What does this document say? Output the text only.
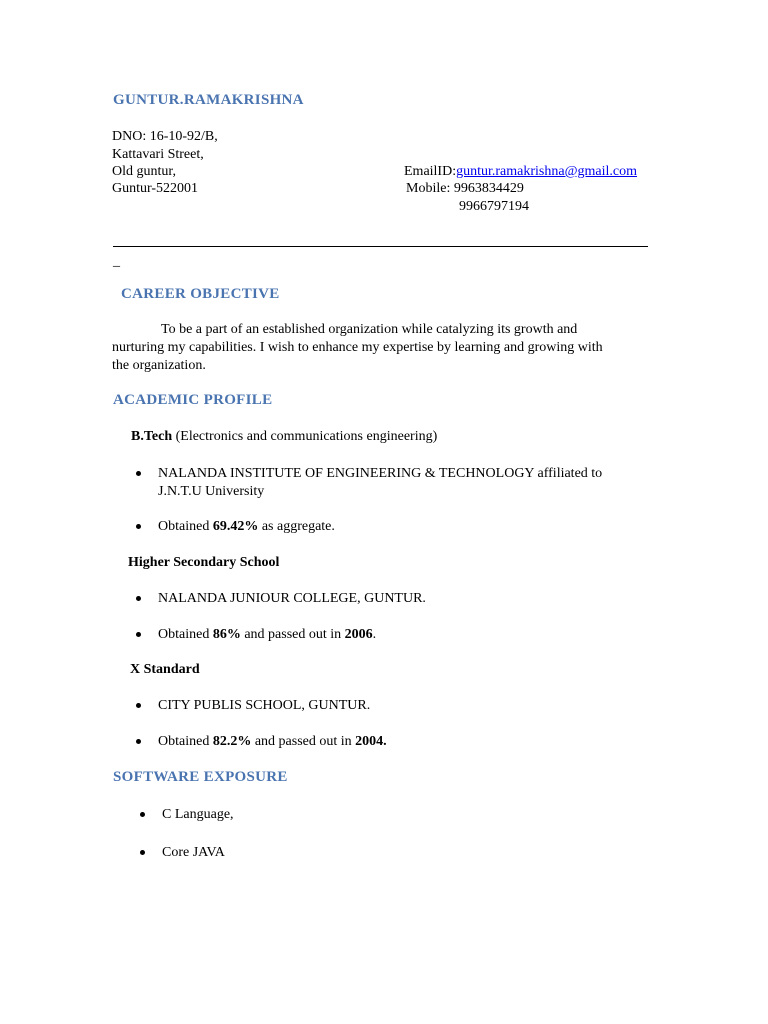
GUNTUR.RAMAKRISHNA
DNO: 16-10-92/B,
Kattavari Street,
Old guntur,
Guntur-522001
EmailID:guntur.ramakrishna@gmail.com
Mobile: 9963834429
9966797194
_
CAREER OBJECTIVE
To be a part of an established organization while catalyzing its growth and
nurturing my capabilities. I wish to enhance my expertise by learning and growing with
the organization.
ACADEMIC PROFILE
B.Tech (Electronics and communications engineering)
NALANDA INSTITUTE OF ENGINEERING & TECHNOLOGY affiliated to
J.N.T.U University
Obtained 69.42% as aggregate.
Higher Secondary School
NALANDA JUNIOUR COLLEGE, GUNTUR.
Obtained 86% and passed out in 2006.
X Standard
CITY PUBLIS SCHOOL, GUNTUR.
Obtained 82.2% and passed out in 2004.
SOFTWARE EXPOSURE
C Language,
Core JAVA
